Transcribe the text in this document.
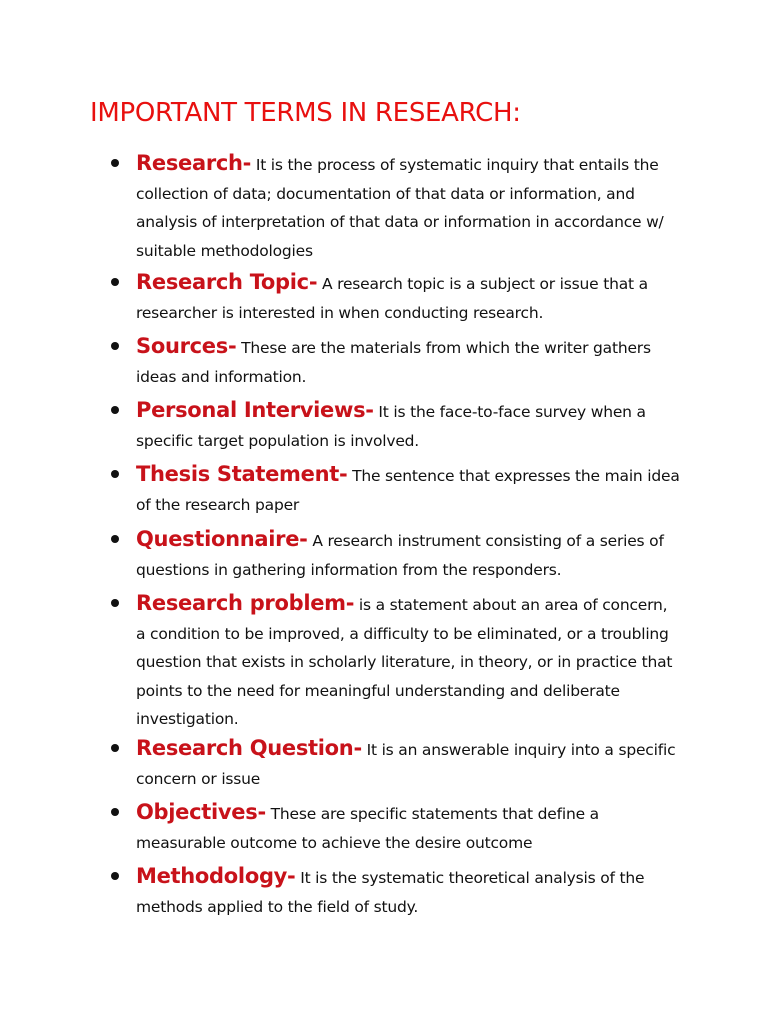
IMPORTANT TERMS IN RESEARCH:
Research- It is the process of systematic inquiry that entails the collection of data; documentation of that data or information, and analysis of interpretation of that data or information in accordance w/ suitable methodologies
Research Topic- A research topic is a subject or issue that a researcher is interested in when conducting research.
Sources- These are the materials from which the writer gathers ideas and information.
Personal Interviews- It is the face-to-face survey when a specific target population is involved.
Thesis Statement- The sentence that expresses the main idea of the research paper
Questionnaire- A research instrument consisting of a series of questions in gathering information from the responders.
Research problem- is a statement about an area of concern, a condition to be improved, a difficulty to be eliminated, or a troubling question that exists in scholarly literature, in theory, or in practice that points to the need for meaningful understanding and deliberate investigation.
Research Question- It is an answerable inquiry into a specific concern or issue
Objectives- These are specific statements that define a measurable outcome to achieve the desire outcome
Methodology- It is the systematic theoretical analysis of the methods applied to the field of study.
